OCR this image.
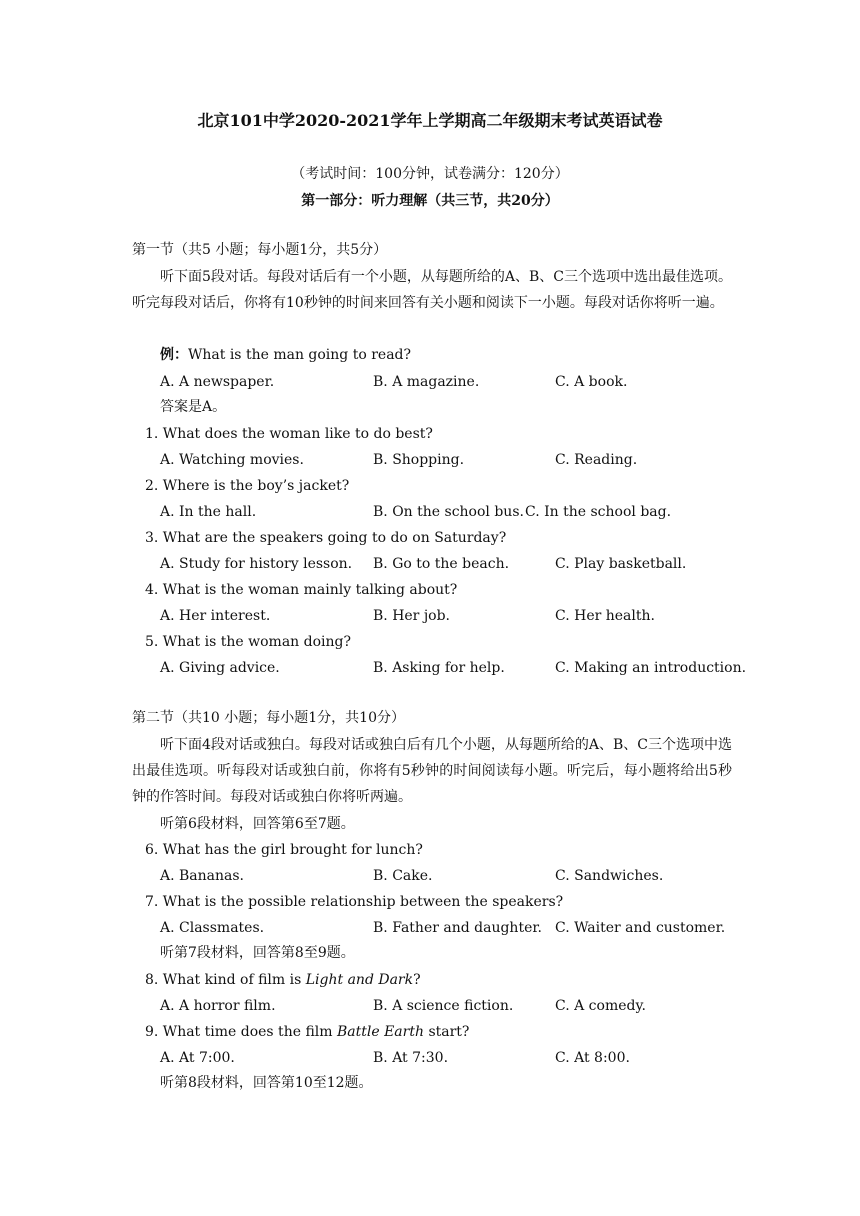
北京101中学2020-2021学年上学期高二年级期末考试英语试卷
（考试时间：100分钟，试卷满分：120分）
第一部分：听力理解（共三节，共20分）
第一节（共5 小题；每小题1分，共5分）
听下面5段对话。每段对话后有一个小题，从每题所给的A、B、C三个选项中选出最佳选项。听完每段对话后，你将有10秒钟的时间来回答有关小题和阅读下一小题。每段对话你将听一遍。
例：What is the man going to read?
A. A newspaper.	B. A magazine.	C. A book.
答案是A。
1. What does the woman like to do best?
A. Watching movies.	B. Shopping.	C. Reading.
2. Where is the boy’s jacket?
A. In the hall.	B. On the school bus. C. In the school bag.
3. What are the speakers going to do on Saturday?
A. Study for history lesson. B. Go to the beach.	C. Play basketball.
4. What is the woman mainly talking about?
A. Her interest.	B. Her job.	C. Her health.
5. What is the woman doing?
A. Giving advice.	B. Asking for help.	C. Making an introduction.
第二节（共10 小题；每小题1分，共10分）
听下面4段对话或独白。每段对话或独白后有几个小题，从每题所给的A、B、C三个选项中选出最佳选项。听每段对话或独白前，你将有5秒钟的时间阅读每小题。听完后，每小题将给出5秒钟的作答时间。每段对话或独白你将听两遍。
听第6段材料，回答第6至7题。
6. What has the girl brought for lunch?
A. Bananas.	B. Cake.	C. Sandwiches.
7. What is the possible relationship between the speakers?
A. Classmates.	B. Father and daughter. C. Waiter and customer.
听第7段材料，回答第8至9题。
8. What kind of film is Light and Dark?
A. A horror film.	B. A science fiction.	C. A comedy.
9. What time does the film Battle Earth start?
A. At 7:00.	B. At 7:30.	C. At 8:00.
听第8段材料，回答第10至12题。
